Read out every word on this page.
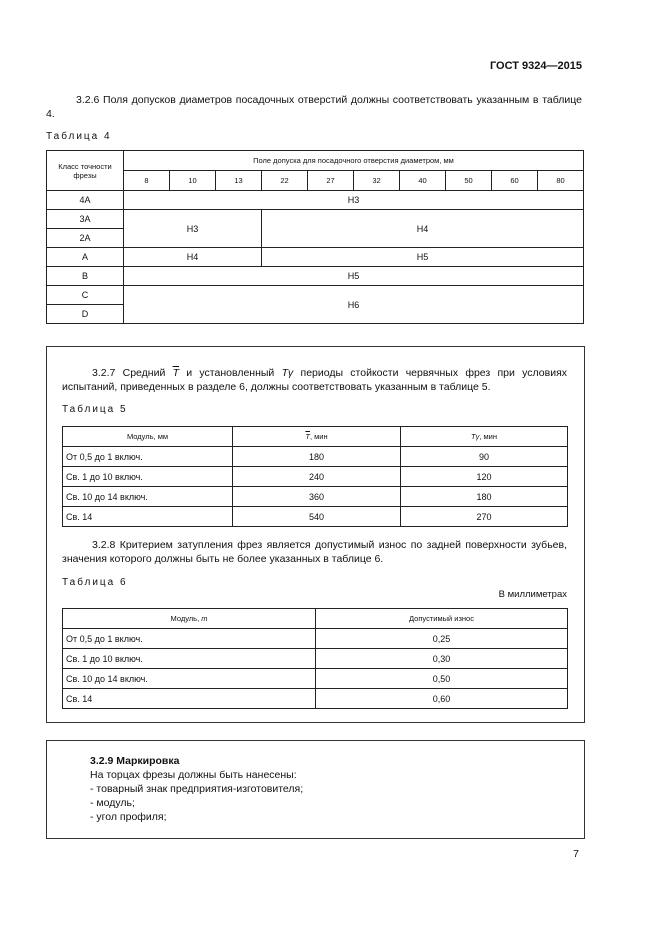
ГОСТ 9324—2015
3.2.6 Поля допусков диаметров посадочных отверстий должны соответствовать указанным в таблице 4.
Таблица 4
Класс точности фрезы	Поле допуска для посадочного отверстия диаметром, мм									
	8	10	13	22	27	32	40	50	60	80
4A	H3									
3A	H3			H4						
2A										
A	H4			H5						
B	H5									
C	H6									
D										
3.2.7 Средний $\overline{T}$ и установленный Tγ периоды стойкости червячных фрез при условиях испытаний, приведенных в разделе 6, должны соответствовать указанным в таблице 5.
Таблица 5
Модуль, мм	$\overline{T}$, мин	Tγ, мин
От 0,5 до 1 включ.	180	90
Св. 1 до 10 включ.	240	120
Св. 10 до 14 включ.	360	180
Св. 14	540	270
3.2.8 Критерием затупления фрез является допустимый износ по задней поверхности зубьев, значения которого должны быть не более указанных в таблице 6.
Таблица 6
В миллиметрах
Модуль, m	Допустимый износ
От 0,5 до 1 включ.	0,25
Св. 1 до 10 включ.	0,30
Св. 10 до 14 включ.	0,50
Св. 14	0,60
3.2.9 Маркировка
На торцах фрезы должны быть нанесены:
- товарный знак предприятия-изготовителя;
- модуль;
- угол профиля;
7
